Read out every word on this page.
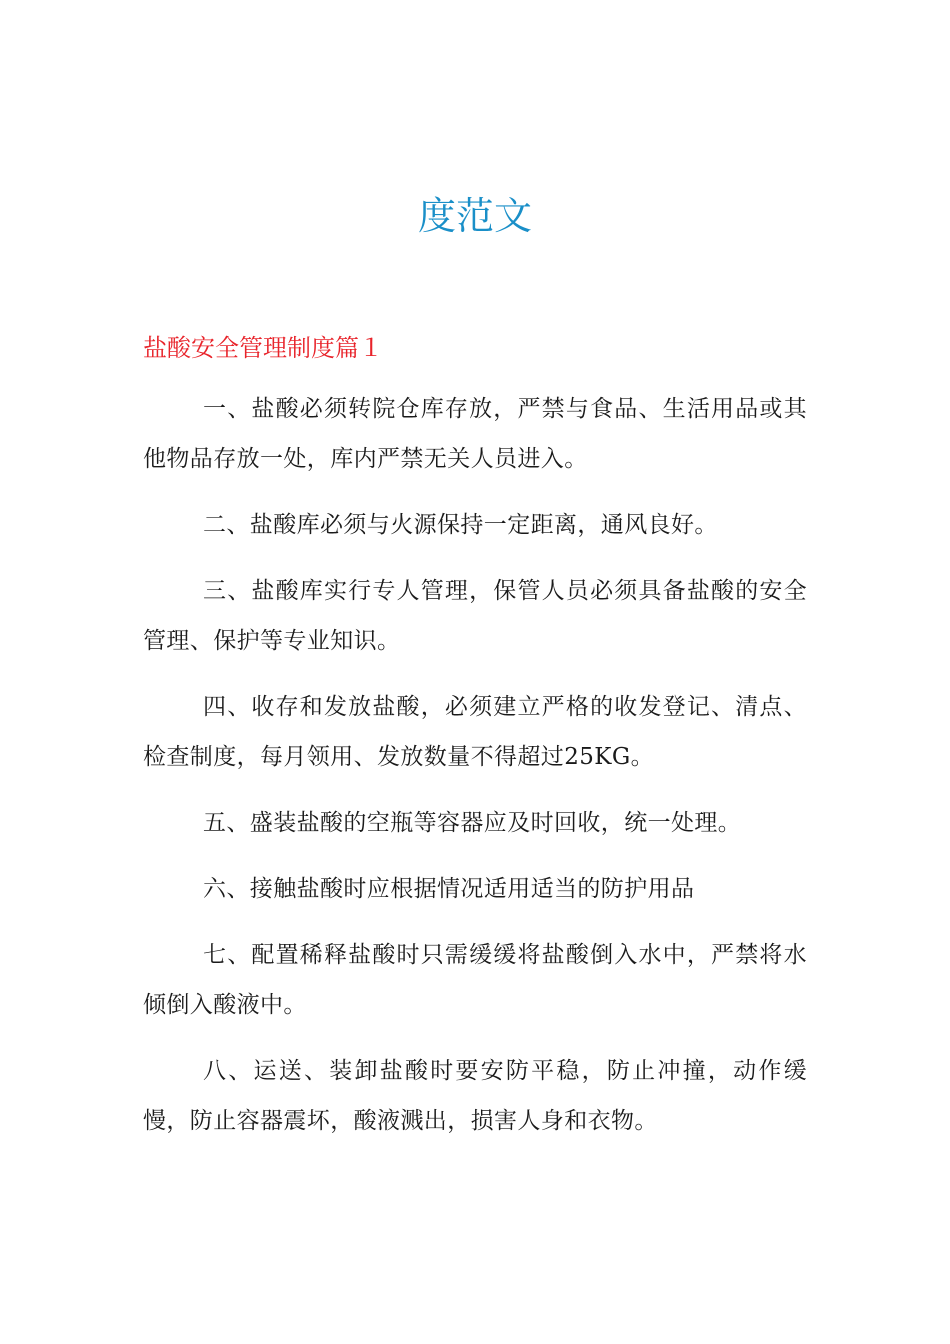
度范文
盐酸安全管理制度篇１

一、盐酸必须转院仓库存放，严禁与食品、生活用品或其他物品存放一处，库内严禁无关人员进入。

二、盐酸库必须与火源保持一定距离，通风良好。

三、盐酸库实行专人管理，保管人员必须具备盐酸的安全管理、保护等专业知识。

四、收存和发放盐酸，必须建立严格的收发登记、清点、检查制度，每月领用、发放数量不得超过25KG。

五、盛装盐酸的空瓶等容器应及时回收，统一处理。

六、接触盐酸时应根据情况适用适当的防护用品

七、配置稀释盐酸时只需缓缓将盐酸倒入水中，严禁将水倾倒入酸液中。

八、运送、装卸盐酸时要安防平稳，防止冲撞，动作缓慢，防止容器震坏，酸液溅出，损害人身和衣物。
